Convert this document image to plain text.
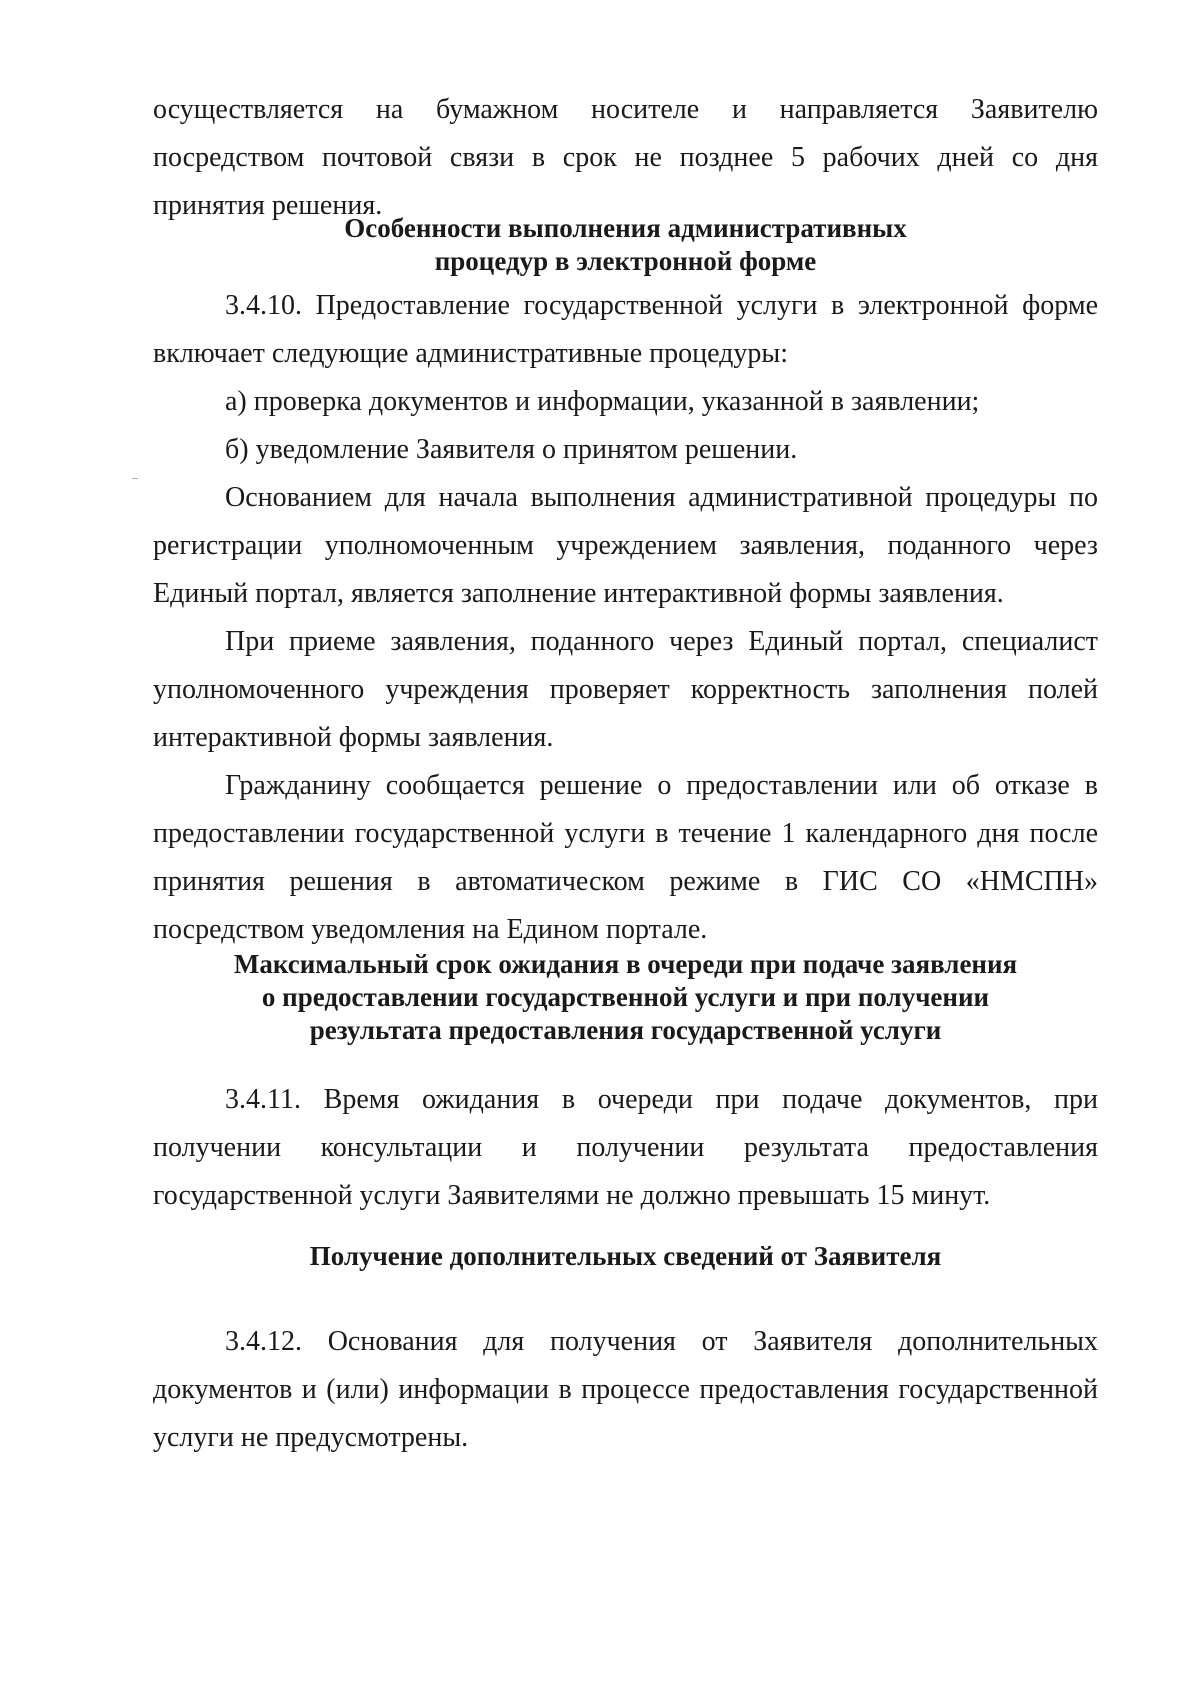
осуществляется на бумажном носителе и направляется Заявителю посредством почтовой связи в срок не позднее 5 рабочих дней со дня принятия решения.

Особенности выполнения административных
процедур в электронной форме

3.4.10. Предоставление государственной услуги в электронной форме включает следующие административные процедуры:

а) проверка документов и информации, указанной в заявлении;

б) уведомление Заявителя о принятом решении.

Основанием для начала выполнения административной процедуры по регистрации уполномоченным учреждением заявления, поданного через Единый портал, является заполнение интерактивной формы заявления.

При приеме заявления, поданного через Единый портал, специалист уполномоченного учреждения проверяет корректность заполнения полей интерактивной формы заявления.

Гражданину сообщается решение о предоставлении или об отказе в предоставлении государственной услуги в течение 1 календарного дня после принятия решения в автоматическом режиме в ГИС СО «НМСПН» посредством уведомления на Едином портале.

Максимальный срок ожидания в очереди при подаче заявления
о предоставлении государственной услуги и при получении
результата предоставления государственной услуги

3.4.11. Время ожидания в очереди при подаче документов, при получении консультации и получении результата предоставления государственной услуги Заявителями не должно превышать 15 минут.

Получение дополнительных сведений от Заявителя

3.4.12. Основания для получения от Заявителя дополнительных документов и (или) информации в процессе предоставления государственной услуги не предусмотрены.
